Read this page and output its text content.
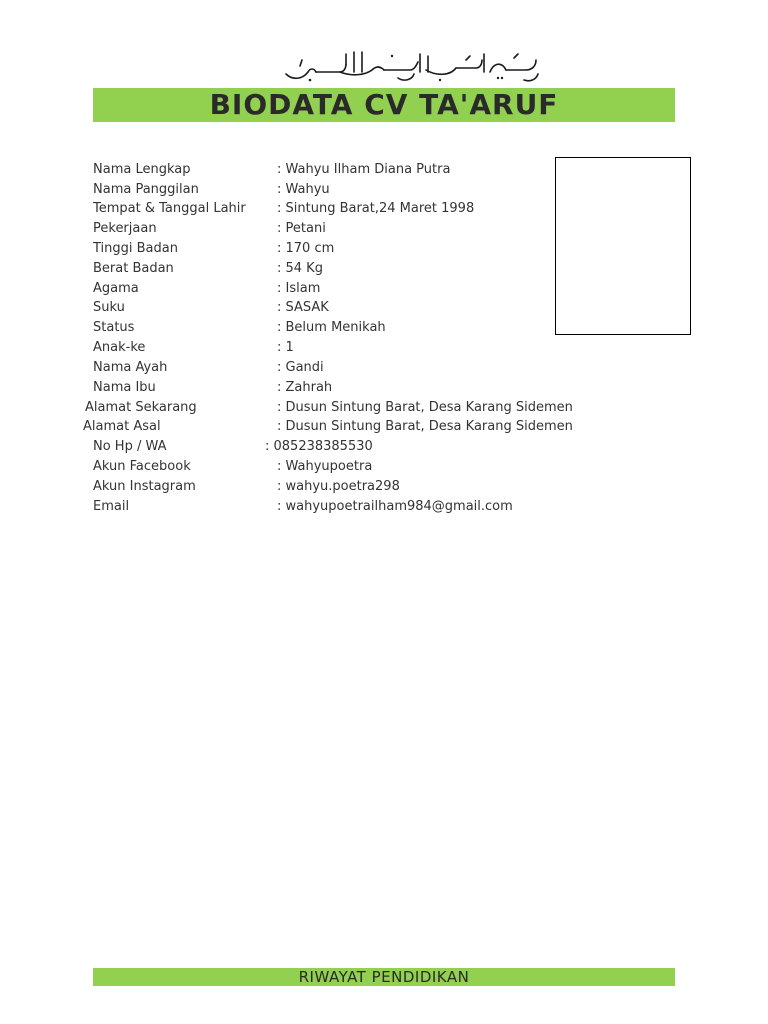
BIODATA CV TA'ARUF
Nama Lengkap	: Wahyu Ilham Diana Putra
Nama Panggilan	: Wahyu
Tempat & Tanggal Lahir : Sintung Barat,24 Maret 1998
Pekerjaan	: Petani
Tinggi Badan	: 170 cm
Berat Badan	: 54 Kg
Agama	: Islam
Suku	: SASAK
Status	: Belum Menikah
Anak-ke	: 1
Nama Ayah	: Gandi
Nama Ibu	: Zahrah
Alamat Sekarang	: Dusun Sintung Barat, Desa Karang Sidemen
Alamat Asal	: Dusun Sintung Barat, Desa Karang Sidemen
No Hp / WA	: 085238385530
Akun Facebook	: Wahyupoetra
Akun Instagram	: wahyu.poetra298
Email	: wahyupoetrailham984@gmail.com
RIWAYAT PENDIDIKAN
